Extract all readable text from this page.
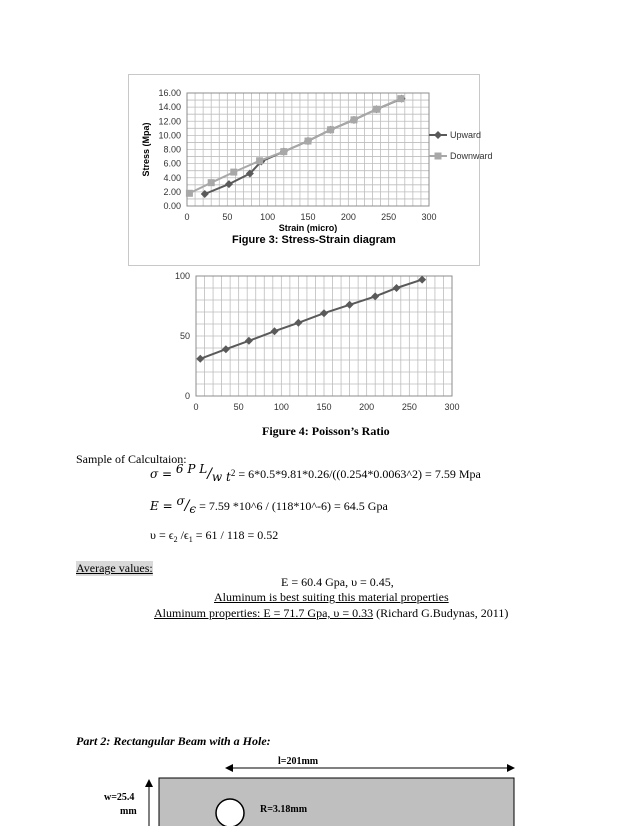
0	50	100	150	200	250	300
0.00
2.00
4.00
6.00
8.00
10.00
12.00
14.00
16.00
Strain (micro)
Stress (Mpa)	Upward
Downward
Figure 3: Stress-Strain diagram
0	50	100	150	200	250	300
0
50
100
Figure 4: Poisson’s Ratio
Sample of Calcultaion:
σ = 6 P L/w t2 = 6*0.5*9.81*0.26/((0.254*0.0063^2) = 7.59 Mpa
E = σ/ϵ = 7.59 *10^6 / (118*10^-6) = 64.5 Gpa
$\upsilon = \epsilon_2$ $/\epsilon_1 = 61 / 118 = 0.52$
Average values:
E = 60.4 Gpa, υ = 0.45,
Aluminum is best suiting this material properties
Aluminum properties: E = 71.7 Gpa, υ = 0.33 (Richard G.Budynas, 2011)
Part 2: Rectangular Beam with a Hole:
l=201mm
w=25.4
mm	R=3.18mm
